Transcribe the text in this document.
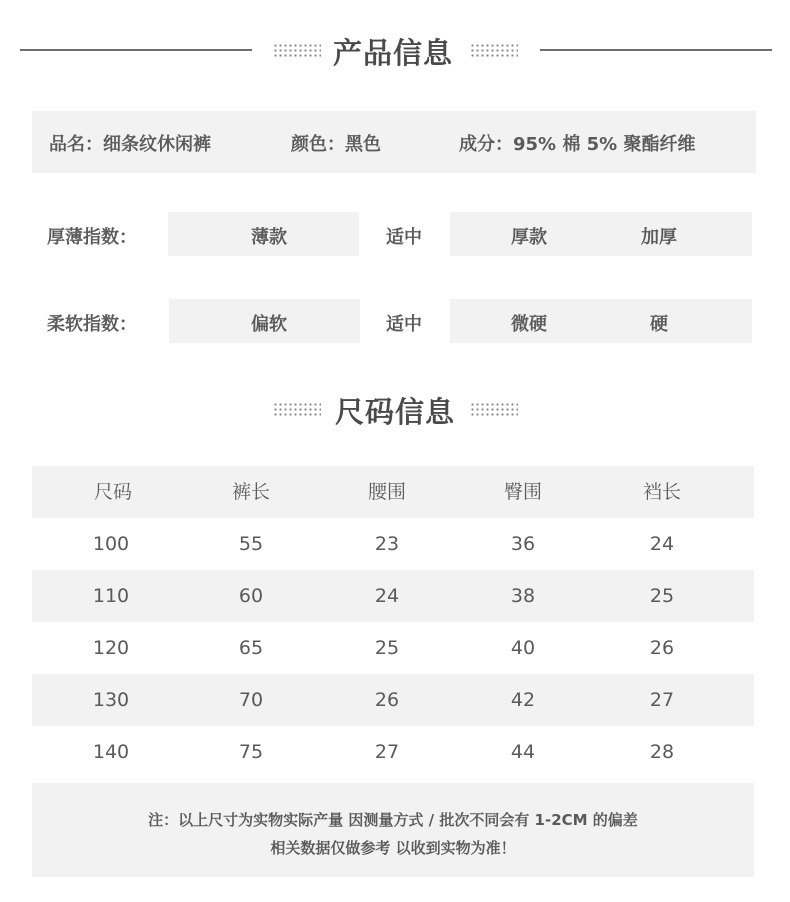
产品信息
品名：细条纹休闲裤	颜色：黑色	成分：95% 棉 5% 聚酯纤维
厚薄指数：	薄款	适中	厚款	加厚
柔软指数：	偏软	适中	微硬	硬
尺码信息
尺码	裤长	腰围	臀围	裆长
100	55	23	36	24
110	60	24	38	25
120	65	25	40	26
130	70	26	42	27
140	75	27	44	28
注：以上尺寸为实物实际产量 因测量方式 / 批次不同会有 1-2CM 的偏差
相关数据仅做参考 以收到实物为准！
